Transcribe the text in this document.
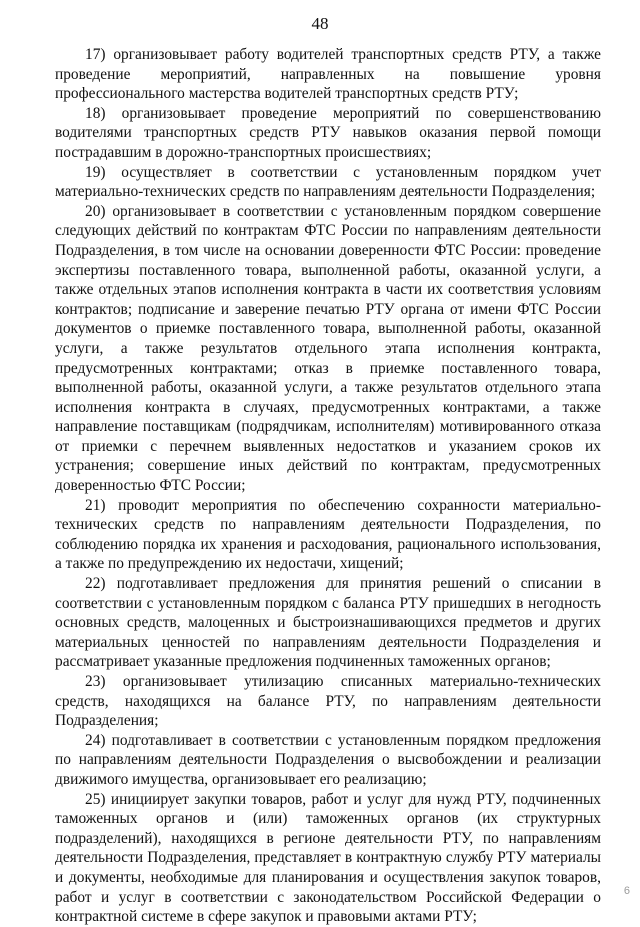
48

17) организовывает работу водителей транспортных средств РТУ, а также проведение мероприятий, направленных на повышение уровня профессионального мастерства водителей транспортных средств РТУ;

18) организовывает проведение мероприятий по совершенствованию водителями транспортных средств РТУ навыков оказания первой помощи пострадавшим в дорожно-транспортных происшествиях;

19) осуществляет в соответствии с установленным порядком учет материально-технических средств по направлениям деятельности Подразделения;

20) организовывает в соответствии с установленным порядком совершение следующих действий по контрактам ФТС России по направлениям деятельности Подразделения, в том числе на основании доверенности ФТС России: проведение экспертизы поставленного товара, выполненной работы, оказанной услуги, а также отдельных этапов исполнения контракта в части их соответствия условиям контрактов; подписание и заверение печатью РТУ органа от имени ФТС России документов о приемке поставленного товара, выполненной работы, оказанной услуги, а также результатов отдельного этапа исполнения контракта, предусмотренных контрактами; отказ в приемке поставленного товара, выполненной работы, оказанной услуги, а также результатов отдельного этапа исполнения контракта в случаях, предусмотренных контрактами, а также направление поставщикам (подрядчикам, исполнителям) мотивированного отказа от приемки с перечнем выявленных недостатков и указанием сроков их устранения; совершение иных действий по контрактам, предусмотренных доверенностью ФТС России;

21) проводит мероприятия по обеспечению сохранности материально-технических средств по направлениям деятельности Подразделения, по соблюдению порядка их хранения и расходования, рационального использования, а также по предупреждению их недостачи, хищений;

22) подготавливает предложения для принятия решений о списании в соответствии с установленным порядком с баланса РТУ пришедших в негодность основных средств, малоценных и быстроизнашивающихся предметов и других материальных ценностей по направлениям деятельности Подразделения и рассматривает указанные предложения подчиненных таможенных органов;

23) организовывает утилизацию списанных материально-технических средств, находящихся на балансе РТУ, по направлениям деятельности Подразделения;

24) подготавливает в соответствии с установленным порядком предложения по направлениям деятельности Подразделения о высвобождении и реализации движимого имущества, организовывает его реализацию;

25) инициирует закупки товаров, работ и услуг для нужд РТУ, подчиненных таможенных органов и (или) таможенных органов (их структурных подразделений), находящихся в регионе деятельности РТУ, по направлениям деятельности Подразделения, представляет в контрактную службу РТУ материалы и документы, необходимые для планирования и осуществления закупок товаров, работ и услуг в соответствии с законодательством Российской Федерации о контрактной системе в сфере закупок и правовыми актами РТУ;

6
